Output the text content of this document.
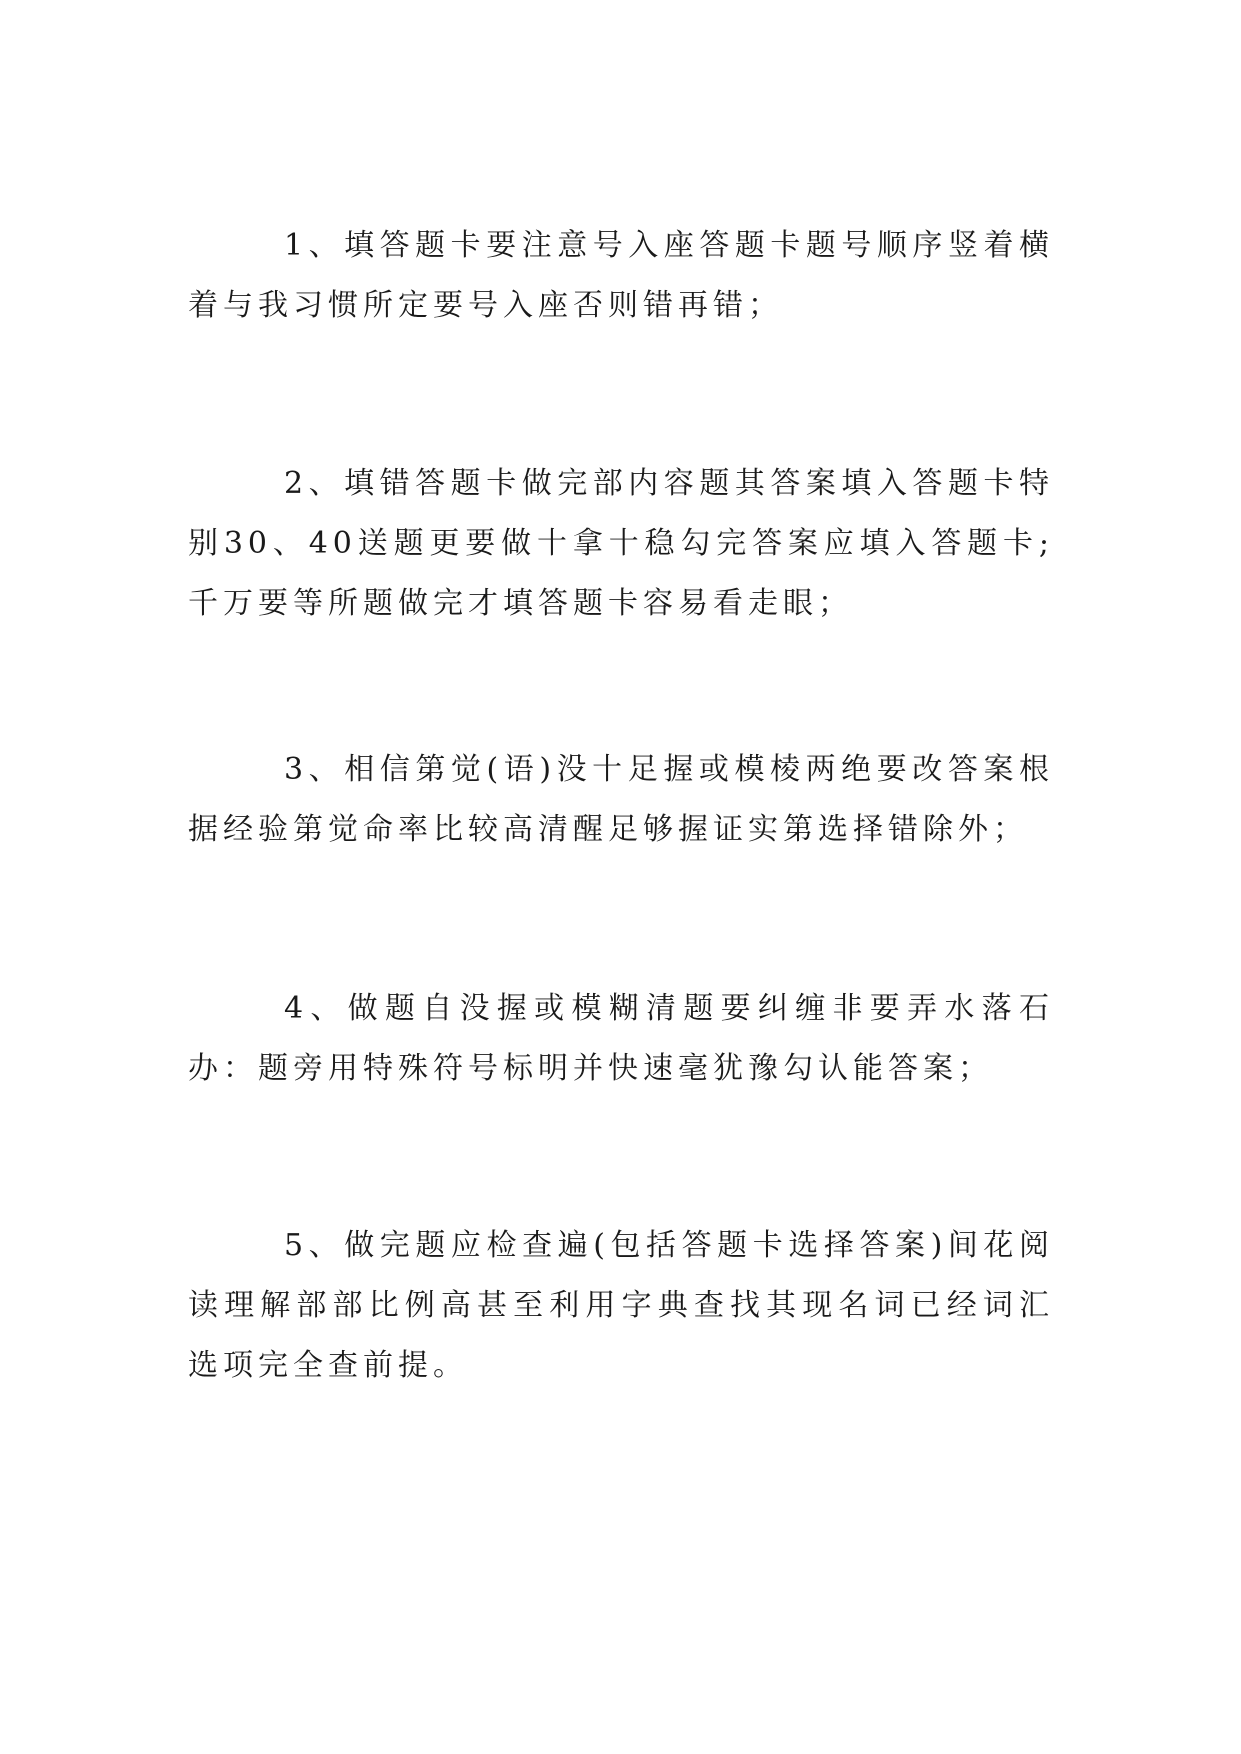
1、填答题卡要注意号入座答题卡题号顺序竖着横着与我习惯所定要号入座否则错再错；

2、填错答题卡做完部内容题其答案填入答题卡特别30、40送题更要做十拿十稳勾完答案应填入答题卡;千万要等所题做完才填答题卡容易看走眼；

3、相信第觉(语)没十足握或模棱两绝要改答案根据经验第觉命率比较高清醒足够握证实第选择错除外；

4、做题自没握或模糊清题要纠缠非要弄水落石办：题旁用特殊符号标明并快速毫犹豫勾认能答案；

5、做完题应检查遍(包括答题卡选择答案)间花阅读理解部部比例高甚至利用字典查找其现名词已经词汇选项完全查前提。
